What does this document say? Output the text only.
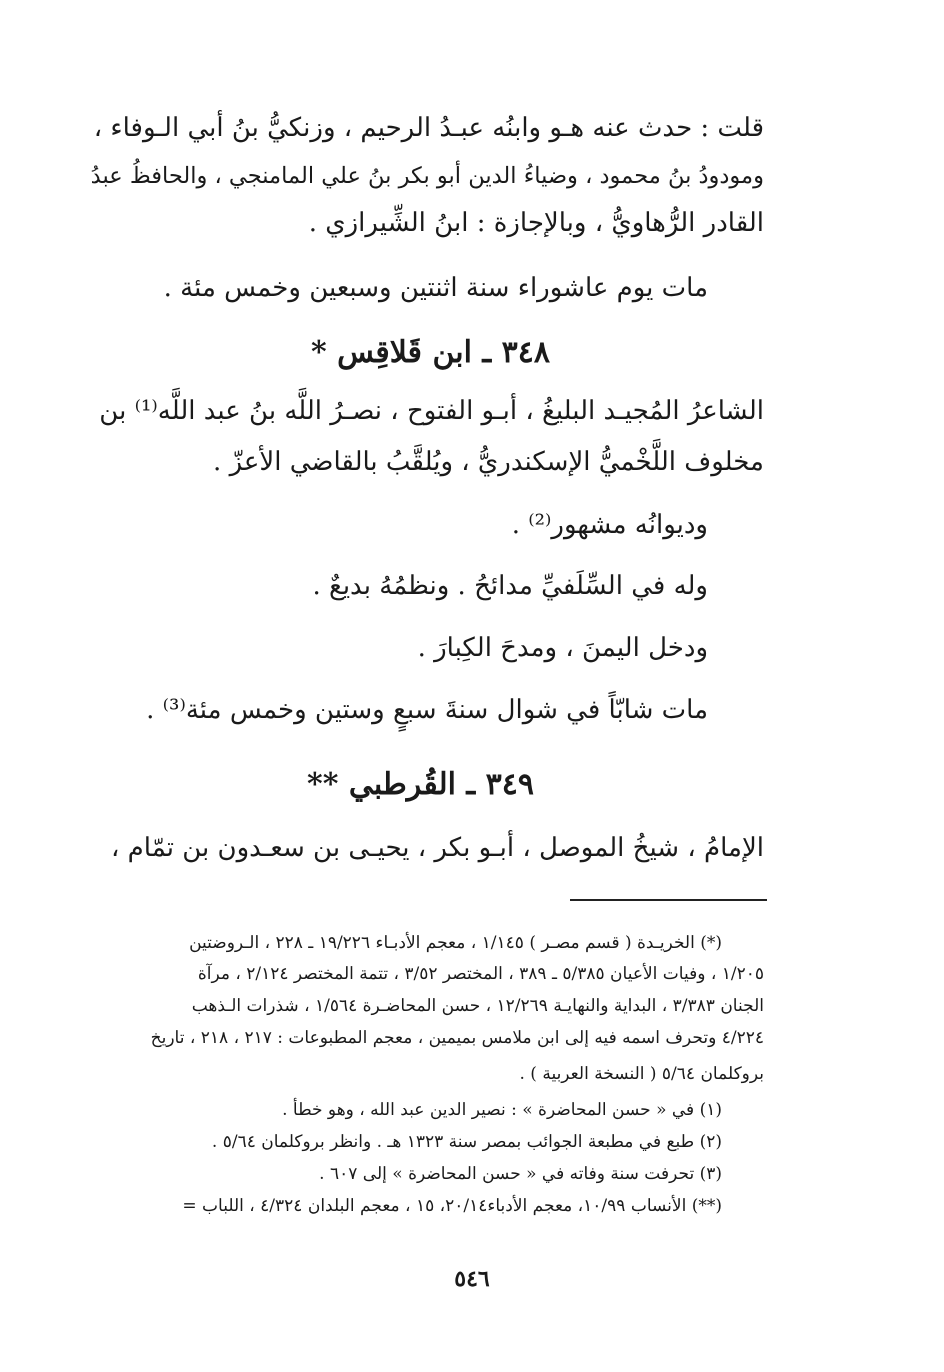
قلت : حدث عنه هـو وابنُه عبـدُ الرحيم ، وزنكيُّ بنُ أبي الـوفاء ،
ومودودُ بنُ محمود ، وضياءُ الدين أبو بكر بنُ علي المامنجي ، والحافظُ عبدُ
القادر الرُّهاويُّ ، وبالإجازة : ابنُ الشِّيرازي .
مات يوم عاشوراء سنة اثنتين وسبعين وخمس مئة .
٣٤٨ ـ ابن قَلاقِس *
الشاعرُ المُجيـد البليغُ ، أبـو الفتوح ، نصـرُ اللَّه بنُ عبد اللَّه⁽¹⁾ بن
مخلوف اللَّخْميُّ الإسكندريُّ ، ويُلقَّبُ بالقاضي الأعزّ .
وديوانُه مشهور⁽²⁾ .
وله في السِّلَفيِّ مدائحُ . ونظمُهُ بديعٌ .
ودخل اليمنَ ، ومدحَ الكِبارَ .
مات شابّاً في شوال سنةَ سبعٍ وستين وخمس مئة⁽³⁾ .
٣٤٩ ـ القُرطبي **
الإمامُ ، شيخُ الموصل ، أبـو بكر ، يحيـى بن سعـدون بن تمّام ،
(*) الخريـدة ( قسم مصـر ) ١/١٤٥ ، معجم الأدبـاء ١٩/٢٢٦ ـ ٢٢٨ ، الـروضتين
١/٢٠٥ ، وفيات الأعيان ٥/٣٨٥ ـ ٣٨٩ ، المختصر ٣/٥٢ ، تتمة المختصر ٢/١٢٤ ، مرآة
الجنان ٣/٣٨٣ ، البداية والنهايـة ١٢/٢٦٩ ، حسن المحاضـرة ١/٥٦٤ ، شذرات الـذهب
٤/٢٢٤ وتحرف اسمه فيه إلى ابن ملامس بميمين ، معجم المطبوعات : ٢١٧ ، ٢١٨ ، تاريخ
بروكلمان ٥/٦٤ ( النسخة العربية ) .
(١) في « حسن المحاضرة » : نصير الدين عبد الله ، وهو خطأ .
(٢) طبع في مطبعة الجوائب بمصر سنة ١٣٢٣ هـ . وانظر بروكلمان ٥/٦٤ .
(٣) تحرفت سنة وفاته في « حسن المحاضرة » إلى ٦٠٧ .
(**) الأنساب ١٠/٩٩، معجم الأدباء٢٠/١٤، ١٥ ، معجم البلدان ٤/٣٢٤ ، اللباب =
٥٤٦
